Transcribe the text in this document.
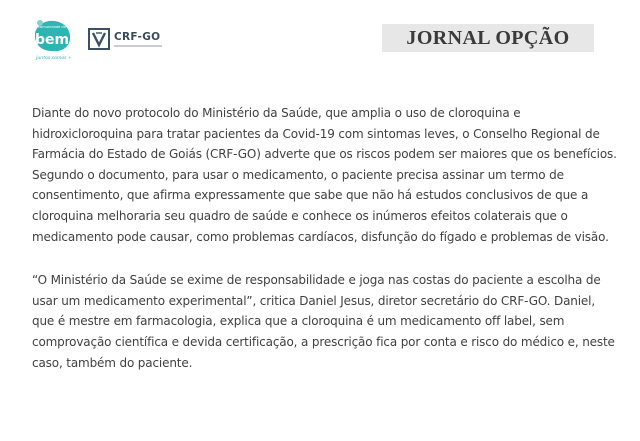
comunidade do
bem
juntos somos +
CRF-GO	JORNAL OPÇÃO

Diante do novo protocolo do Ministério da Saúde, que amplia o uso de cloroquina e hidroxicloroquina para tratar pacientes da Covid-19 com sintomas leves, o Conselho Regional de Farmácia do Estado de Goiás (CRF-GO) adverte que os riscos podem ser maiores que os benefícios. Segundo o documento, para usar o medicamento, o paciente precisa assinar um termo de consentimento, que afirma expressamente que sabe que não há estudos conclusivos de que a cloroquina melhoraria seu quadro de saúde e conhece os inúmeros efeitos colaterais que o medicamento pode causar, como problemas cardíacos, disfunção do fígado e problemas de visão.

“O Ministério da Saúde se exime de responsabilidade e joga nas costas do paciente a escolha de usar um medicamento experimental”, critica Daniel Jesus, diretor secretário do CRF-GO. Daniel, que é mestre em farmacologia, explica que a cloroquina é um medicamento off label, sem comprovação científica e devida certificação, a prescrição fica por conta e risco do médico e, neste caso, também do paciente.
